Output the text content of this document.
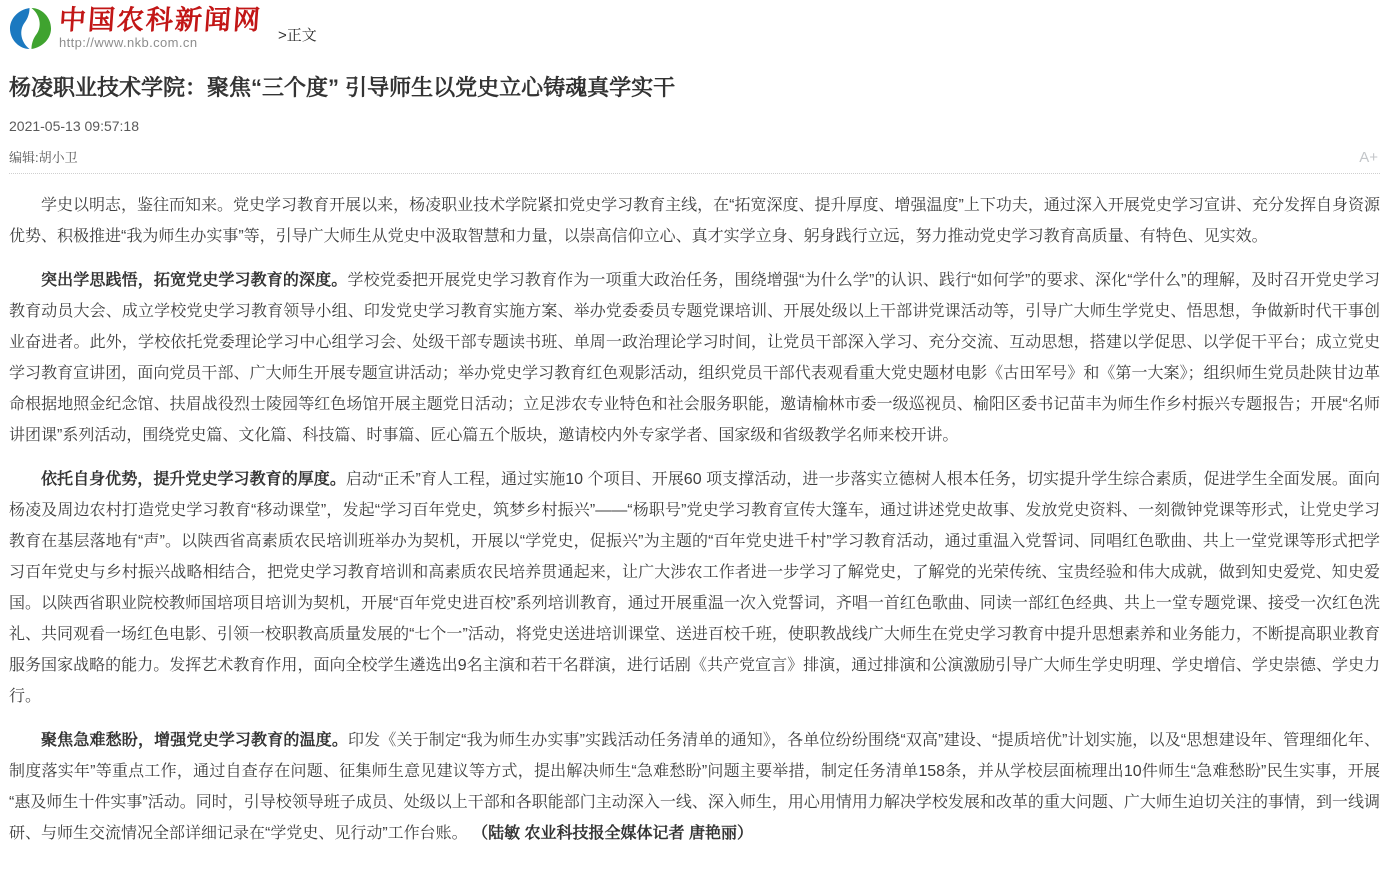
中国农科新闻网
http://www.nkb.com.cn	>正文
杨凌职业技术学院：聚焦“三个度” 引导师生以党史立心铸魂真学实干
2021-05-13 09:57:18
编辑:胡小卫	A+

学史以明志，鉴往而知来。党史学习教育开展以来，杨凌职业技术学院紧扣党史学习教育主线，在“拓宽深度、提升厚度、增强温度”上下功夫，通过深入开展党史学习宣讲、充分发挥自身资源优势、积极推进“我为师生办实事”等，引导广大师生从党史中汲取智慧和力量，以崇高信仰立心、真才实学立身、躬身践行立远，努力推动党史学习教育高质量、有特色、见实效。

突出学思践悟，拓宽党史学习教育的深度。学校党委把开展党史学习教育作为一项重大政治任务，围绕增强“为什么学”的认识、践行“如何学”的要求、深化“学什么”的理解，及时召开党史学习教育动员大会、成立学校党史学习教育领导小组、印发党史学习教育实施方案、举办党委委员专题党课培训、开展处级以上干部讲党课活动等，引导广大师生学党史、悟思想，争做新时代干事创业奋进者。此外，学校依托党委理论学习中心组学习会、处级干部专题读书班、单周一政治理论学习时间，让党员干部深入学习、充分交流、互动思想，搭建以学促思、以学促干平台；成立党史学习教育宣讲团，面向党员干部、广大师生开展专题宣讲活动；举办党史学习教育红色观影活动，组织党员干部代表观看重大党史题材电影《古田军号》和《第一大案》；组织师生党员赴陕甘边革命根据地照金纪念馆、扶眉战役烈士陵园等红色场馆开展主题党日活动；立足涉农专业特色和社会服务职能，邀请榆林市委一级巡视员、榆阳区委书记苗丰为师生作乡村振兴专题报告；开展“名师讲团课”系列活动，围绕党史篇、文化篇、科技篇、时事篇、匠心篇五个版块，邀请校内外专家学者、国家级和省级教学名师来校开讲。

依托自身优势，提升党史学习教育的厚度。启动“正禾”育人工程，通过实施10 个项目、开展60 项支撑活动，进一步落实立德树人根本任务，切实提升学生综合素质，促进学生全面发展。面向杨凌及周边农村打造党史学习教育“移动课堂”，发起“学习百年党史，筑梦乡村振兴”——“杨职号”党史学习教育宣传大篷车，通过讲述党史故事、发放党史资料、一刻微钟党课等形式，让党史学习教育在基层落地有“声”。以陕西省高素质农民培训班举办为契机，开展以“学党史，促振兴”为主题的“百年党史进千村”学习教育活动，通过重温入党誓词、同唱红色歌曲、共上一堂党课等形式把学习百年党史与乡村振兴战略相结合，把党史学习教育培训和高素质农民培养贯通起来，让广大涉农工作者进一步学习了解党史，了解党的光荣传统、宝贵经验和伟大成就，做到知史爱党、知史爱国。以陕西省职业院校教师国培项目培训为契机，开展“百年党史进百校”系列培训教育，通过开展重温一次入党誓词，齐唱一首红色歌曲、同读一部红色经典、共上一堂专题党课、接受一次红色洗礼、共同观看一场红色电影、引领一校职教高质量发展的“七个一”活动，将党史送进培训课堂、送进百校千班，使职教战线广大师生在党史学习教育中提升思想素养和业务能力，不断提高职业教育服务国家战略的能力。发挥艺术教育作用，面向全校学生遴选出9名主演和若干名群演，进行话剧《共产党宣言》排演，通过排演和公演激励引导广大师生学史明理、学史增信、学史崇德、学史力行。

聚焦急难愁盼，增强党史学习教育的温度。印发《关于制定“我为师生办实事”实践活动任务清单的通知》，各单位纷纷围绕“双高”建设、“提质培优”计划实施，以及“思想建设年、管理细化年、制度落实年”等重点工作，通过自查存在问题、征集师生意见建议等方式，提出解决师生“急难愁盼”问题主要举措，制定任务清单158条，并从学校层面梳理出10件师生“急难愁盼”民生实事，开展“惠及师生十件实事”活动。同时，引导校领导班子成员、处级以上干部和各职能部门主动深入一线、深入师生，用心用情用力解决学校发展和改革的重大问题、广大师生迫切关注的事情，到一线调研、与师生交流情况全部详细记录在“学党史、见行动”工作台账。 （陆敏 农业科技报全媒体记者 唐艳丽）
